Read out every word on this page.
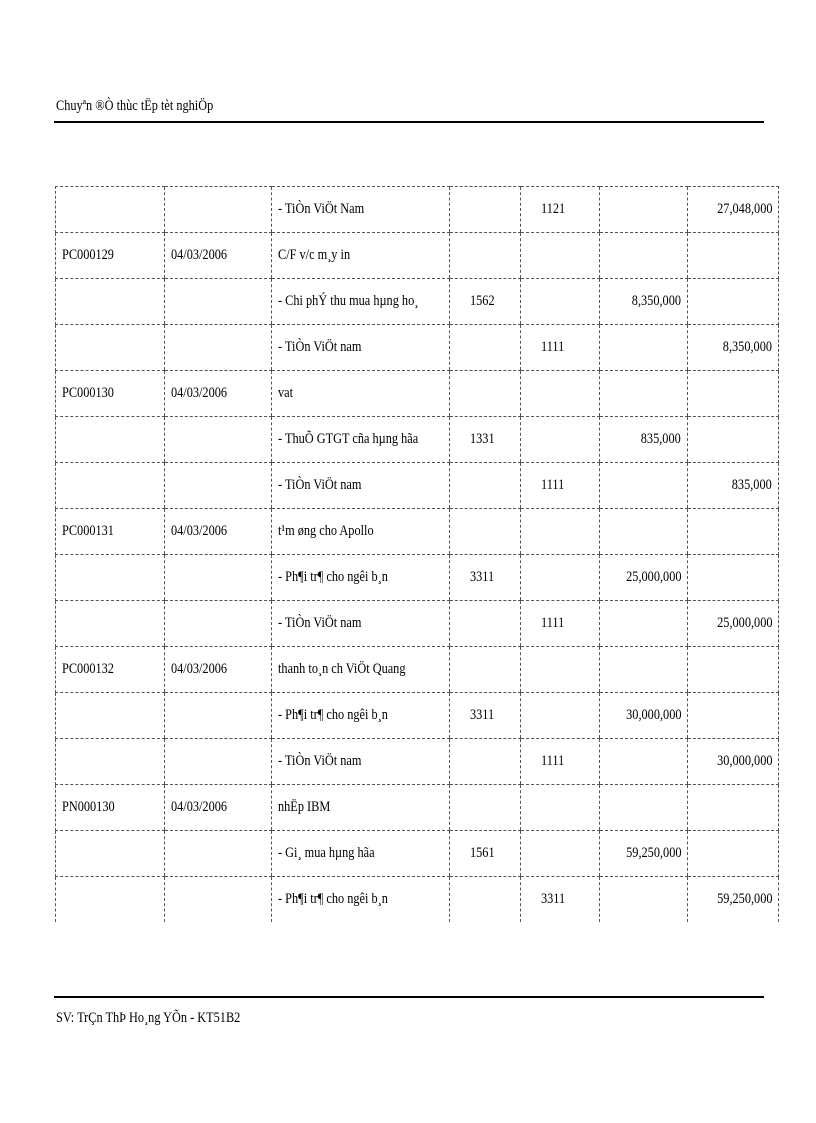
Chuyªn ®Ò thùc tËp tèt nghiÖp
		- TiÒn ViÖt Nam		1121		27,048,000
PC000129	04/03/2006	C/F v/c m¸y in				
		- Chi phÝ thu mua hµng ho¸	1562		8,350,000	
		- TiÒn ViÖt nam		1111		8,350,000
PC000130	04/03/2006	vat				
		- ThuÕ GTGT cña hµng hãa	1331		835,000	
		- TiÒn ViÖt nam		1111		835,000
PC000131	04/03/2006	t¹m øng cho Apollo				
		- Ph¶i tr¶ cho ngêi b¸n	3311		25,000,000	
		- TiÒn ViÖt nam		1111		25,000,000
PC000132	04/03/2006	thanh to¸n ch ViÖt Quang				
		- Ph¶i tr¶ cho ngêi b¸n	3311		30,000,000	
		- TiÒn ViÖt nam		1111		30,000,000
PN000130	04/03/2006	nhËp IBM				
		- Gi¸ mua hµng hãa	1561		59,250,000	
		- Ph¶i tr¶ cho ngêi b¸n		3311		59,250,000
SV: TrÇn ThÞ Ho¸ng YÕn - KT51B2
